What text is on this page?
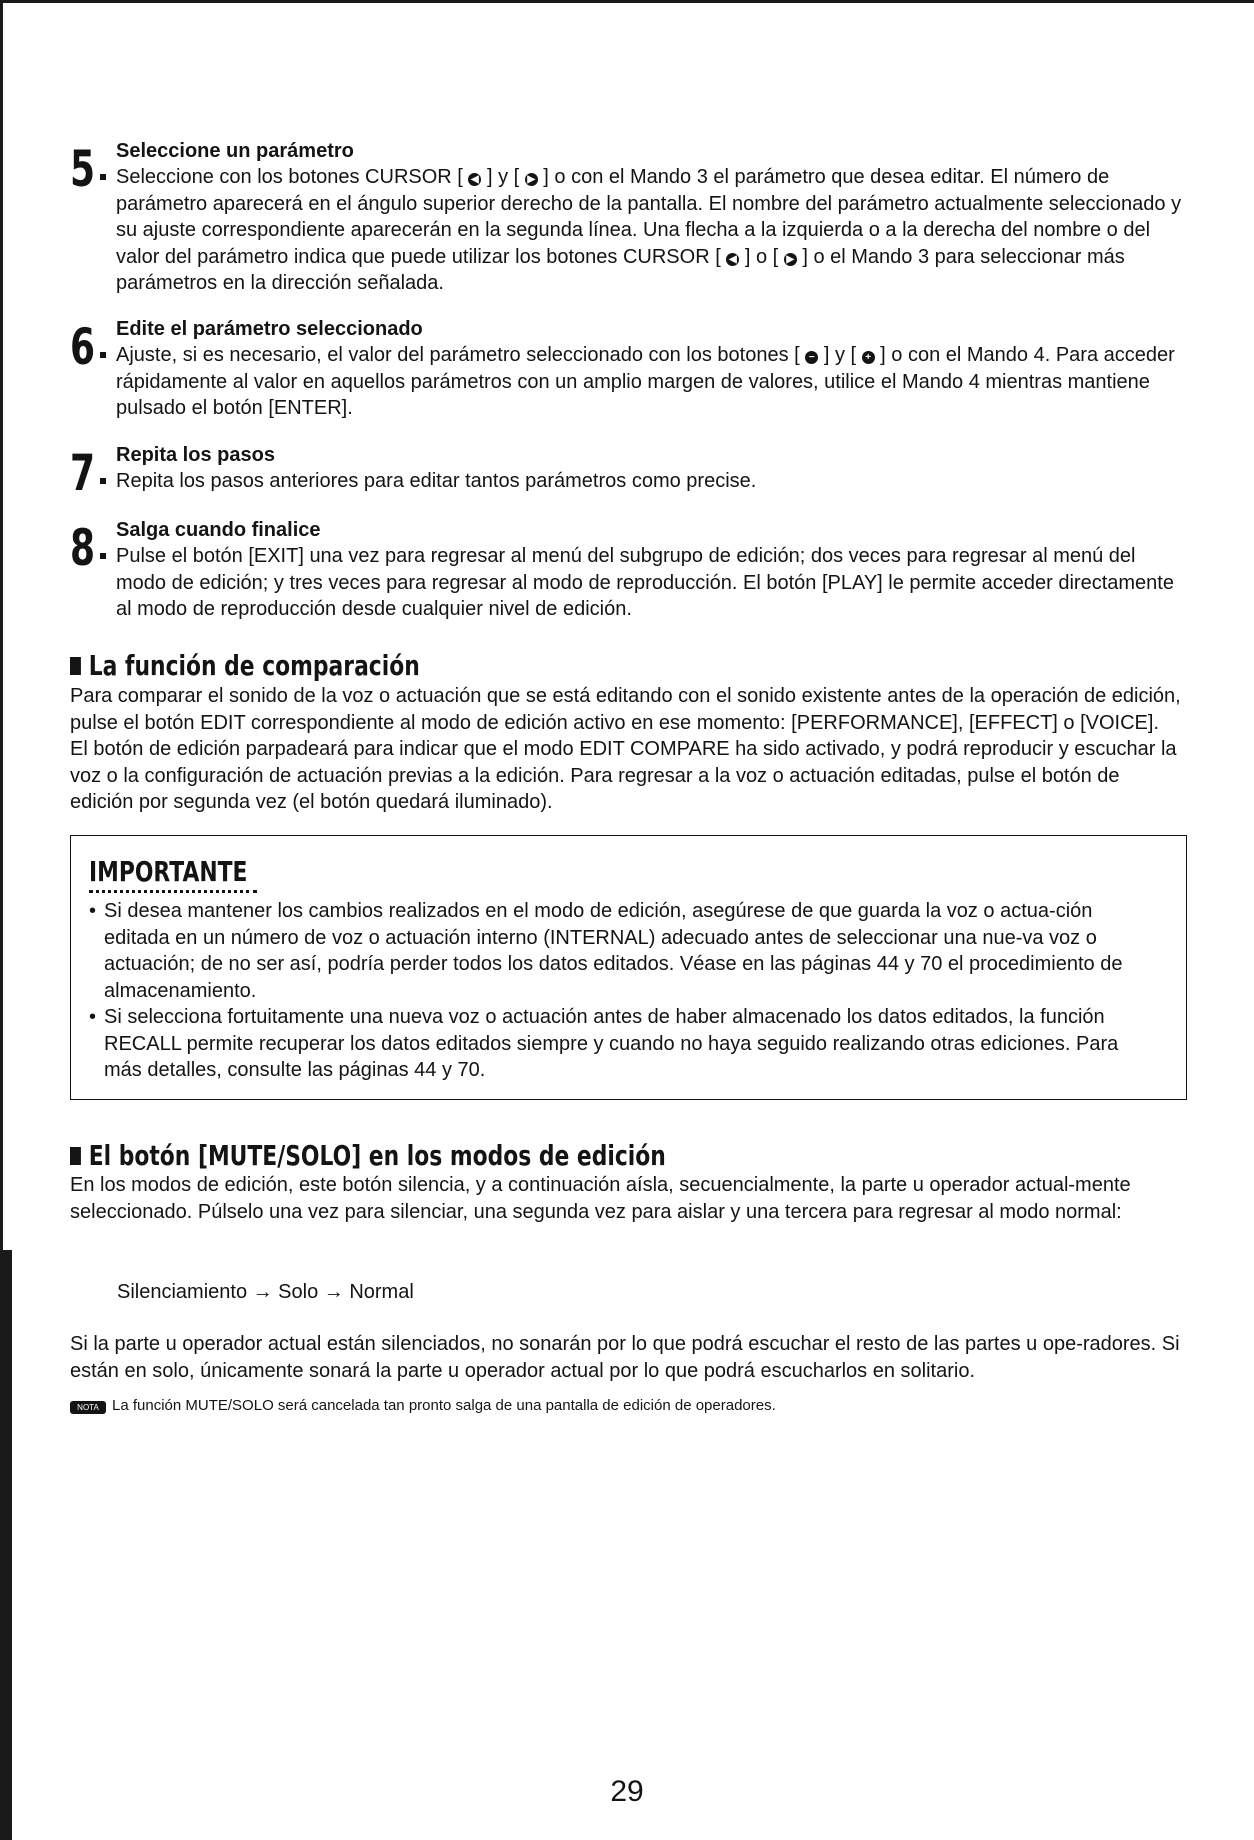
5 Seleccione un parámetro
Seleccione con los botones CURSOR [ ◀ ] y [ ▶ ] o con el Mando 3 el parámetro que desea editar. El número de parámetro aparecerá en el ángulo superior derecho de la pantalla. El nombre del parámetro actualmente seleccionado y su ajuste correspondiente aparecerán en la segunda línea. Una flecha a la izquierda o a la derecha del nombre o del valor del parámetro indica que puede utilizar los botones CURSOR [ ◀ ] o [ ▶ ] o el Mando 3 para seleccionar más parámetros en la dirección señalada.
6 Edite el parámetro seleccionado
Ajuste, si es necesario, el valor del parámetro seleccionado con los botones [ − ] y [ + ] o con el Mando 4. Para acceder rápidamente al valor en aquellos parámetros con un amplio margen de valores, utilice el Mando 4 mientras mantiene pulsado el botón [ENTER].
7 Repita los pasos
Repita los pasos anteriores para editar tantos parámetros como precise.
8 Salga cuando finalice
Pulse el botón [EXIT] una vez para regresar al menú del subgrupo de edición; dos veces para regresar al menú del modo de edición; y tres veces para regresar al modo de reproducción. El botón [PLAY] le permite acceder directamente al modo de reproducción desde cualquier nivel de edición.
La función de comparación
Para comparar el sonido de la voz o actuación que se está editando con el sonido existente antes de la operación de edición, pulse el botón EDIT correspondiente al modo de edición activo en ese momento: [PERFORMANCE], [EFFECT] o [VOICE]. El botón de edición parpadeará para indicar que el modo EDIT COMPARE ha sido activado, y podrá reproducir y escuchar la voz o la configuración de actuación previas a la edición. Para regresar a la voz o actuación editadas, pulse el botón de edición por segunda vez (el botón quedará iluminado).
IMPORTANTE
• Si desea mantener los cambios realizados en el modo de edición, asegúrese de que guarda la voz o actua-ción editada en un número de voz o actuación interno (INTERNAL) adecuado antes de seleccionar una nue-va voz o actuación; de no ser así, podría perder todos los datos editados. Véase en las páginas 44 y 70 el procedimiento de almacenamiento.
• Si selecciona fortuitamente una nueva voz o actuación antes de haber almacenado los datos editados, la función RECALL permite recuperar los datos editados siempre y cuando no haya seguido realizando otras ediciones. Para más detalles, consulte las páginas 44 y 70.
El botón [MUTE/SOLO] en los modos de edición
En los modos de edición, este botón silencia, y a continuación aísla, secuencialmente, la parte u operador actual-mente seleccionado. Púlselo una vez para silenciar, una segunda vez para aislar y una tercera para regresar al modo normal:
Silenciamiento → Solo → Normal
Si la parte u operador actual están silenciados, no sonarán por lo que podrá escuchar el resto de las partes u ope-radores. Si están en solo, únicamente sonará la parte u operador actual por lo que podrá escucharlos en solitario.
NOTA La función MUTE/SOLO será cancelada tan pronto salga de una pantalla de edición de operadores.
29
